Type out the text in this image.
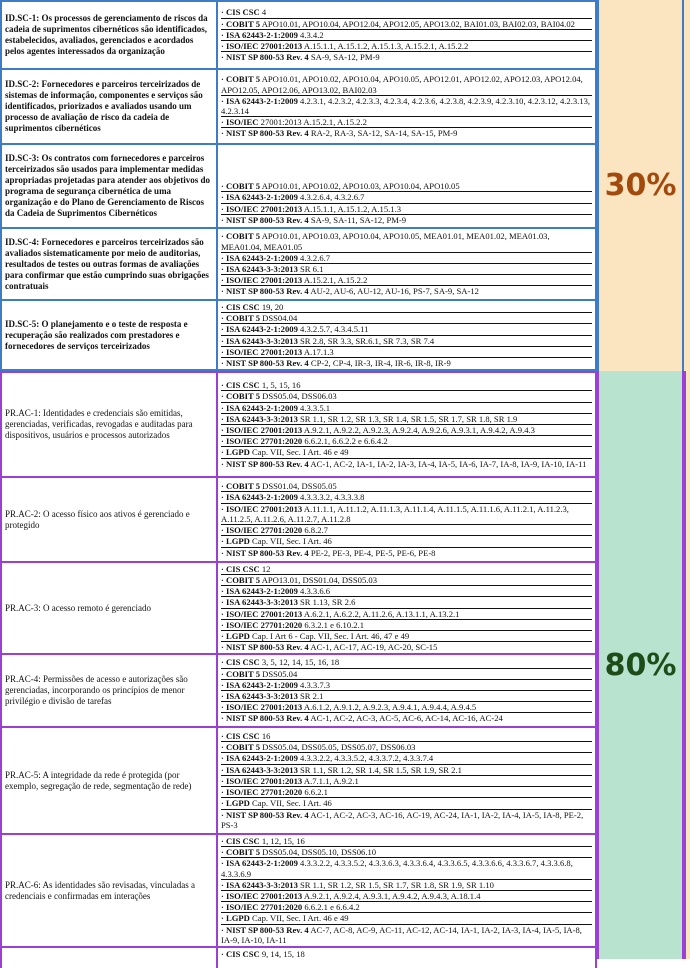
ID.SC-1: Os processos de gerenciamento de riscos da cadeia de suprimentos cibernéticos são identificados, estabelecidos, avaliados, gerenciados e acordados pelos agentes interessados da organização
· CIS CSC 4
· COBIT 5 APO10.01, APO10.04, APO12.04, APO12.05, APO13.02, BAI01.03, BAI02.03, BAI04.02
· ISA 62443-2-1:2009 4.3.4.2
· ISO/IEC 27001:2013 A.15.1.1, A.15.1.2, A.15.1.3, A.15.2.1, A.15.2.2
· NIST SP 800-53 Rev. 4 SA-9, SA-12, PM-9
ID.SC-2: Fornecedores e parceiros terceirizados de sistemas de informação, componentes e serviços são identificados, priorizados e avaliados usando um processo de avaliação de risco da cadeia de suprimentos cibernéticos
· COBIT 5 APO10.01, APO10.02, APO10.04, APO10.05, APO12.01, APO12.02, APO12.03, APO12.04, APO12.05, APO12.06, APO13.02, BAI02.03
· ISA 62443-2-1:2009 4.2.3.1, 4.2.3.2, 4.2.3.3, 4.2.3.4, 4.2.3.6, 4.2.3.8, 4.2.3.9, 4.2.3.10, 4.2.3.12, 4.2.3.13, 4.2.3.14
· ISO/IEC 27001:2013 A.15.2.1, A.15.2.2
· NIST SP 800-53 Rev. 4 RA-2, RA-3, SA-12, SA-14, SA-15, PM-9
ID.SC-3: Os contratos com fornecedores e parceiros terceirizados são usados para implementar medidas apropriadas projetadas para atender aos objetivos do programa de segurança cibernética de uma organização e do Plano de Gerenciamento de Riscos da Cadeia de Suprimentos Cibernéticos
· COBIT 5 APO10.01, APO10.02, APO10.03, APO10.04, APO10.05
· ISA 62443-2-1:2009 4.3.2.6.4, 4.3.2.6.7
· ISO/IEC 27001:2013 A.15.1.1, A.15.1.2, A.15.1.3
· NIST SP 800-53 Rev. 4 SA-9, SA-11, SA-12, PM-9
ID.SC-4: Fornecedores e parceiros terceirizados são avaliados sistematicamente por meio de auditorias, resultados de testes ou outras formas de avaliações para confirmar que estão cumprindo suas obrigações contratuais
· COBIT 5 APO10.01, APO10.03, APO10.04, APO10.05, MEA01.01, MEA01.02, MEA01.03, MEA01.04, MEA01.05
· ISA 62443-2-1:2009 4.3.2.6.7
· ISA 62443-3-3:2013 SR 6.1
· ISO/IEC 27001:2013 A.15.2.1, A.15.2.2
· NIST SP 800-53 Rev. 4 AU-2, AU-6, AU-12, AU-16, PS-7, SA-9, SA-12
ID.SC-5: O planejamento e o teste de resposta e recuperação são realizados com prestadores e fornecedores de serviços terceirizados
· CIS CSC 19, 20
· COBIT 5 DSS04.04
· ISA 62443-2-1:2009 4.3.2.5.7, 4.3.4.5.11
· ISA 62443-3-3:2013 SR 2.8, SR 3.3, SR.6.1, SR 7.3, SR 7.4
· ISO/IEC 27001:2013 A.17.1.3
· NIST SP 800-53 Rev. 4 CP-2, CP-4, IR-3, IR-4, IR-6, IR-8, IR-9
PR.AC-1: Identidades e credenciais são emitidas, gerenciadas, verificadas, revogadas e auditadas para dispositivos, usuários e processos autorizados
· CIS CSC 1, 5, 15, 16
· COBIT 5 DSS05.04, DSS06.03
· ISA 62443-2-1:2009 4.3.3.5.1
· ISA 62443-3-3:2013 SR 1.1, SR 1.2, SR 1.3, SR 1.4, SR 1.5, SR 1.7, SR 1.8, SR 1.9
· ISO/IEC 27001:2013 A.9.2.1, A.9.2.2, A.9.2.3, A.9.2.4, A.9.2.6, A.9.3.1, A.9.4.2, A.9.4.3
· ISO/IEC 27701:2020 6.6.2.1, 6.6.2.2 e 6.6.4.2
· LGPD Cap. VII, Sec. I Art. 46 e 49
· NIST SP 800-53 Rev. 4 AC-1, AC-2, IA-1, IA-2, IA-3, IA-4, IA-5, IA-6, IA-7, IA-8, IA-9, IA-10, IA-11
PR.AC-2: O acesso físico aos ativos é gerenciado e protegido
· COBIT 5 DSS01.04, DSS05.05
· ISA 62443-2-1:2009 4.3.3.3.2, 4.3.3.3.8
· ISO/IEC 27001:2013 A.11.1.1, A.11.1.2, A.11.1.3, A.11.1.4, A.11.1.5, A.11.1.6, A.11.2.1, A.11.2.3, A.11.2.5, A.11.2.6, A.11.2.7, A.11.2.8
· ISO/IEC 27701:2020 6.8.2.7
· LGPD Cap. VII, Sec. I Art. 46
· NIST SP 800-53 Rev. 4 PE-2, PE-3, PE-4, PE-5, PE-6, PE-8
PR.AC-3: O acesso remoto é gerenciado
· CIS CSC 12
· COBIT 5 APO13.01, DSS01.04, DSS05.03
· ISA 62443-2-1:2009 4.3.3.6.6
· ISA 62443-3-3:2013 SR 1.13, SR 2.6
· ISO/IEC 27001:2013 A.6.2.1, A.6.2.2, A.11.2.6, A.13.1.1, A.13.2.1
· ISO/IEC 27701:2020 6.3.2.1 e 6.10.2.1
· LGPD Cap. I Art 6 - Cap. VII, Sec. I Art. 46, 47 e 49
· NIST SP 800-53 Rev. 4 AC-1, AC-17, AC-19, AC-20, SC-15
PR.AC-4: Permissões de acesso e autorizações são gerenciadas, incorporando os princípios de menor privilégio e divisão de tarefas
· CIS CSC 3, 5, 12, 14, 15, 16, 18
· COBIT 5 DSS05.04
· ISA 62443-2-1:2009 4.3.3.7.3
· ISA 62443-3-3:2013 SR 2.1
· ISO/IEC 27001:2013 A.6.1.2, A.9.1.2, A.9.2.3, A.9.4.1, A.9.4.4, A.9.4.5
· NIST SP 800-53 Rev. 4 AC-1, AC-2, AC-3, AC-5, AC-6, AC-14, AC-16, AC-24
PR.AC-5: A integridade da rede é protegida (por exemplo, segregação de rede, segmentação de rede)
· CIS CSC 16
· COBIT 5 DSS05.04, DSS05.05, DSS05.07, DSS06.03
· ISA 62443-2-1:2009 4.3.3.2.2, 4.3.3.5.2, 4.3.3.7.2, 4.3.3.7.4
· ISA 62443-3-3:2013 SR 1.1, SR 1.2, SR 1.4, SR 1.5, SR 1.9, SR 2.1
· ISO/IEC 27001:2013 A.7.1.1, A.9.2.1
· ISO/IEC 27701:2020 6.6.2.1
· LGPD Cap. VII, Sec. I Art. 46
· NIST SP 800-53 Rev. 4 AC-1, AC-2, AC-3, AC-16, AC-19, AC-24, IA-1, IA-2, IA-4, IA-5, IA-8, PE-2, PS-3
PR.AC-6: As identidades são revisadas, vinculadas a credenciais e confirmadas em interações
· CIS CSC 1, 12, 15, 16
· COBIT 5 DSS05.04, DSS05.10, DSS06.10
· ISA 62443-2-1:2009 4.3.3.2.2, 4.3.3.5.2, 4.3.3.6.3, 4.3.3.6.4, 4.3.3.6.5, 4.3.3.6.6, 4.3.3.6.7, 4.3.3.6.8, 4.3.3.6.9
· ISA 62443-3-3:2013 SR 1.1, SR 1.2, SR 1.5, SR 1.7, SR 1.8, SR 1.9, SR 1.10
· ISO/IEC 27001:2013 A.9.2.1, A.9.2.4, A.9.3.1, A.9.4.2, A.9.4.3, A.18.1.4
· ISO/IEC 27701:2020 6.6.2.1 e 6.6.4.2
· LGPD Cap. VII, Sec. I Art. 46 e 49
· NIST SP 800-53 Rev. 4 AC-7, AC-8, AC-9, AC-11, AC-12, AC-14, IA-1, IA-2, IA-3, IA-4, IA-5, IA-8, IA-9, IA-10, IA-11
· CIS CSC 9, 14, 15, 18
30%
80%
